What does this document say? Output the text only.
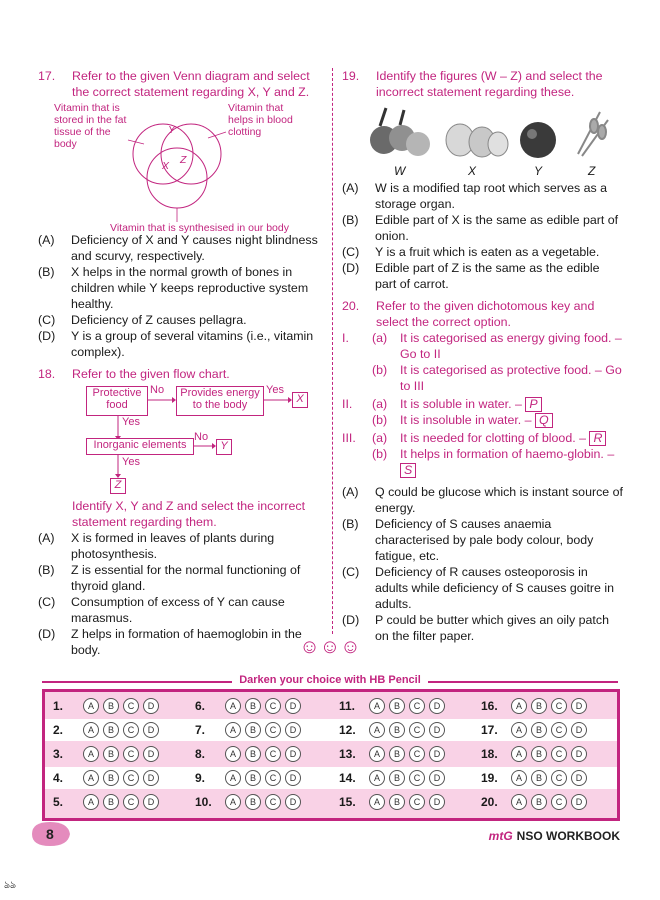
17. Refer to the given Venn diagram and select the correct statement regarding X, Y and Z.
Vitamin that is stored in the fat tissue of the body
Vitamin that helps in blood clotting
Y
X Z
Vitamin that is synthesised in our body
(A) Deficiency of X and Y causes night blindness and scurvy, respectively.
(B) X helps in the normal growth of bones in children while Y keeps reproductive system healthy.
(C) Deficiency of Z causes pellagra.
(D) Y is a group of several vitamins (i.e., vitamin complex).
18. Refer to the given flow chart.
Protective food
No	Provides energy to the body
Yes
X
Yes
Inorganic elements
No
Y
Yes
Z
Identify X, Y and Z and select the incorrect statement regarding them.
(A) X is formed in leaves of plants during photosynthesis.
(B) Z is essential for the normal functioning of thyroid gland.
(C) Consumption of excess of Y can cause marasmus.
(D) Z helps in formation of haemoglobin in the body.
19. Identify the figures (W – Z) and select the incorrect statement regarding these.
W	X	Y	Z
(A) W is a modified tap root which serves as a storage organ.
(B) Edible part of X is the same as edible part of onion.
(C) Y is a fruit which is eaten as a vegetable.
(D) Edible part of Z is the same as the edible part of carrot.
20. Refer to the given dichotomous key and select the correct option.
I. (a) It is categorised as energy giving food. – Go to II
(b) It is categorised as protective food. – Go to III
II. (a) It is soluble in water. – P
(b) It is insoluble in water. – Q
III. (a) It is needed for clotting of blood. – R
(b) It helps in formation of haemo-globin. – S
(A) Q could be glucose which is instant source of energy.
(B) Deficiency of S causes anaemia characterised by pale body colour, body fatigue, etc.
(C) Deficiency of R causes osteoporosis in adults while deficiency of S causes goitre in adults.
(D) P could be butter which gives an oily patch on the filter paper.
☺☺☺
Darken your choice with HB Pencil
1.	A	B	C	D	6.	A	B	C	D	11.	A	B	C	D	16.	A	B	C	D
2.	A	B	C	D	7.	A	B	C	D	12.	A	B	C	D	17.	A	B	C	D
3.	A	B	C	D	8.	A	B	C	D	13.	A	B	C	D	18.	A	B	C	D
4.	A	B	C	D	9.	A	B	C	D	14.	A	B	C	D	19.	A	B	C	D
5.	A	B	C	D	10.	A	B	C	D	15.	A	B	C	D	20.	A	B	C	D
8	mtG NSO WORKBOOK
ঌঌ
